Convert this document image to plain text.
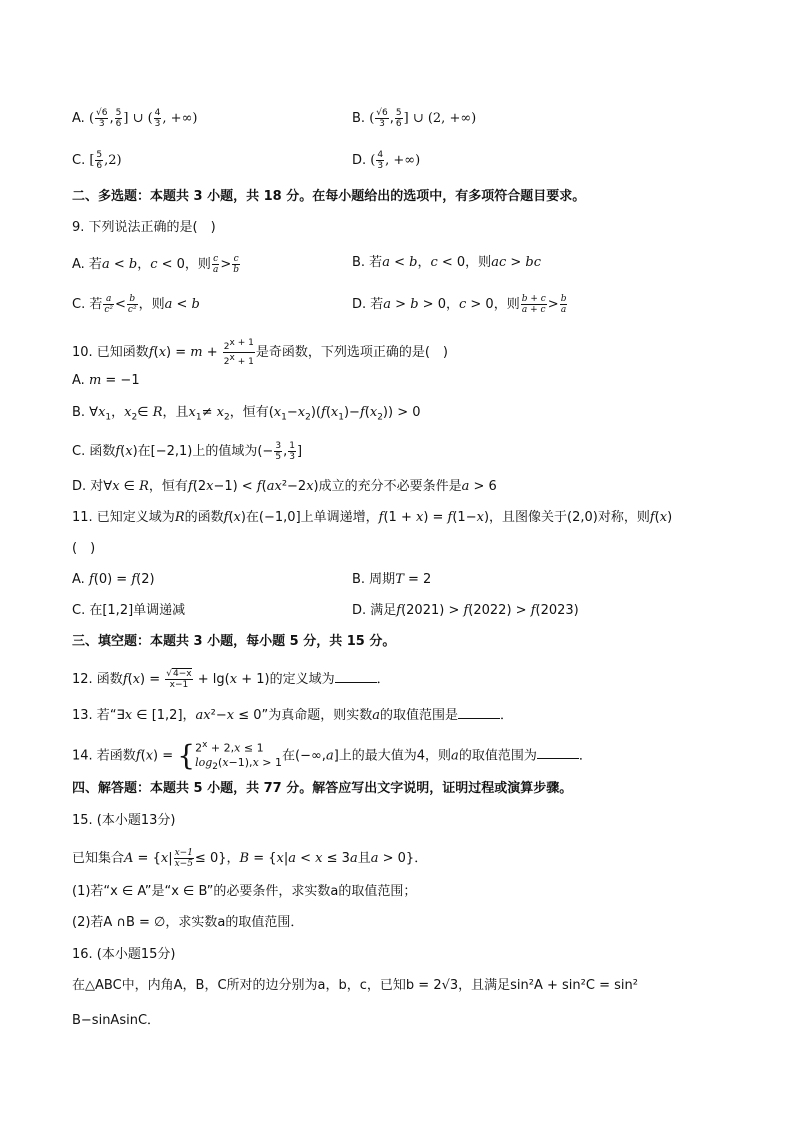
A. ( $\frac{√6}{3}$ , $\frac{5}{6}$ ] ∪ ( $\frac{4}{3}$ , +∞)	B. ( $\frac{√6}{3}$ , $\frac{5}{6}$ ] ∪ (2, +∞)
C. [ $\frac{5}{6} ,2$)	D. ( $\frac{4}{3}$ , +∞)
二、多选题：本题共 3 小题，共 18 分。在每小题给出的选项中，有多项符合题目要求。
9. 下列说法正确的是(　)
A. 若a < b，c < 0，则 $\frac{c}{a} > \frac{c}{b}$	B. 若a < b，c < 0，则ac > bc
C. 若 $\frac{a}{\text{c²}} < \frac{b}{\text{c²}}$ ，则a < b	D. 若a > b > 0，c > 0，则 $\frac{b + c}{a + c} > \frac{b}{a}$
10. 已知函数$f(x) = m + \frac{2^{x + 1}}{2^x + 1}$ 是奇函数，下列选项正确的是(　)
A. m = −1
B. $\forall x_1$，$x_2\in$ R，且$x_1\ne x_2$，恒有$(x_1-x_2)(f(x_1)-f(x_2)) > 0$
C. 函数f(x)在[−2,1)上的值域为(− $\frac{3}{5}$ , $\frac{1}{3}$ ]
D. 对∀x ∈ R，恒有f(2x−1) < f(ax²−2x)成立的充分不必要条件是a > 6
11. 已知定义域为R的函数f(x)在(−1,0]上单调递增，f(1 + x) = f(1−x)，且图像关于(2,0)对称，则f(x)
(　)
A. f(0) = f(2)	B. 周期T = 2
C. 在[1,2]单调递减	D. 满足f(2021) > f(2022) > f(2023)
三、填空题：本题共 3 小题，每小题 5 分，共 15 分。
12. 函数$f(x) = \frac{√4-x}{x-1} + \lg(x + 1)$的定义域为	．
13. 若“∃x ∈ [1,2]，ax²−x ≤ 0”为真命题，则实数a的取值范围是	．
14. 若函数f(x) = { $2^x + 2,x \le 1$
$\log_2(x-1),x > 1$ 在(−∞,a]上的最大值为4，则a的取值范围为	．
四、解答题：本题共 5 小题，共 77 分。解答应写出文字说明，证明过程或演算步骤。
15. (本小题13分)
已知集合$A = \{x| \frac{x-1}{x-5} \le 0\}$，B = {x|a < x ≤ 3a且a > 0}．
(1)若“x ∈ A”是“x ∈ B”的必要条件，求实数a的取值范围；
(2)若A ∩B = ∅，求实数a的取值范围．
16. (本小题15分)
在△ABC中，内角A，B，C所对的边分别为a，b，c，已知b = 2√3，且满足sin²A + sin²C = sin²
B−sinAsinC．
